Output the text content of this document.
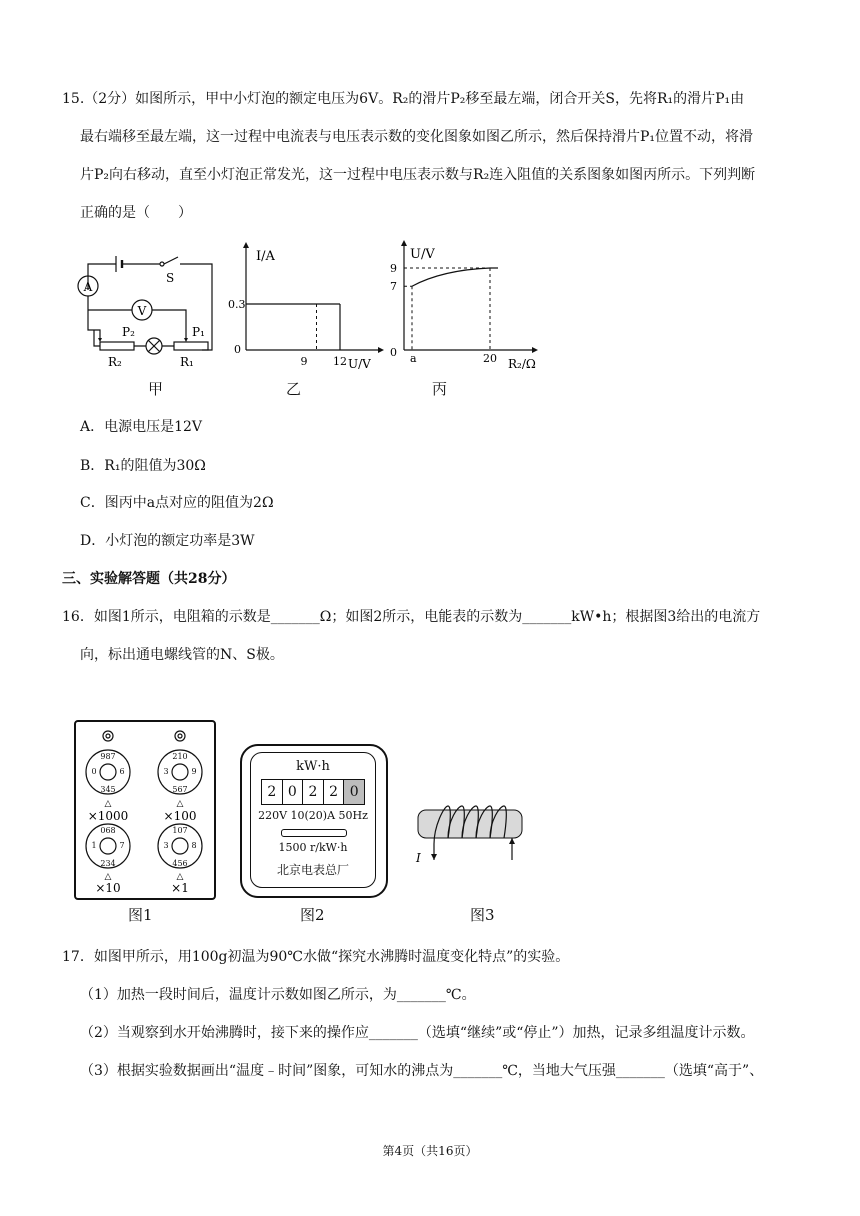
15.（2分）如图所示，甲中小灯泡的额定电压为6V。R₂的滑片P₂移至最左端，闭合开关S，先将R₁的滑片P₁由
最右端移至最左端，这一过程中电流表与电压表示数的变化图象如图乙所示，然后保持滑片P₁位置不动，将滑
片P₂向右移动，直至小灯泡正常发光，这一过程中电压表示数与R₂连入阻值的关系图象如图丙所示。下列判断
正确的是（　　）
A
V
S
P₂	P₁
R₂	R₁
甲
I/A
U/V
0
0.3
9 12
乙
U/V
R₂/Ω
0
9
7
a	20
丙
A．电源电压是12V
B．R₁的阻值为30Ω
C．图丙中a点对应的阻值为2Ω
D．小灯泡的额定功率是3W
三、实验解答题（共28分）
16．如图1所示，电阻箱的示数是_______Ω；如图2所示，电能表的示数为_______kW•h；根据图3给出的电流方
向，标出通电螺线管的N、S极。
987
0	6
345
210
3	9
567
068
1	7
234
107
3	8
456
△	△
△	△
×1000	×100
×10	×1
图1
kW·h
2 0 2 2 0
220V 10(20)A 50Hz
1500 r/kW·h
北京电表总厂
图2
I
图3
17．如图甲所示，用100g初温为90℃水做“探究水沸腾时温度变化特点”的实验。
（1）加热一段时间后，温度计示数如图乙所示，为_______℃。
（2）当观察到水开始沸腾时，接下来的操作应_______（选填“继续”或“停止”）加热，记录多组温度计示数。
（3）根据实验数据画出“温度﹣时间”图象，可知水的沸点为_______℃，当地大气压强_______（选填“高于”、
第4页（共16页）
